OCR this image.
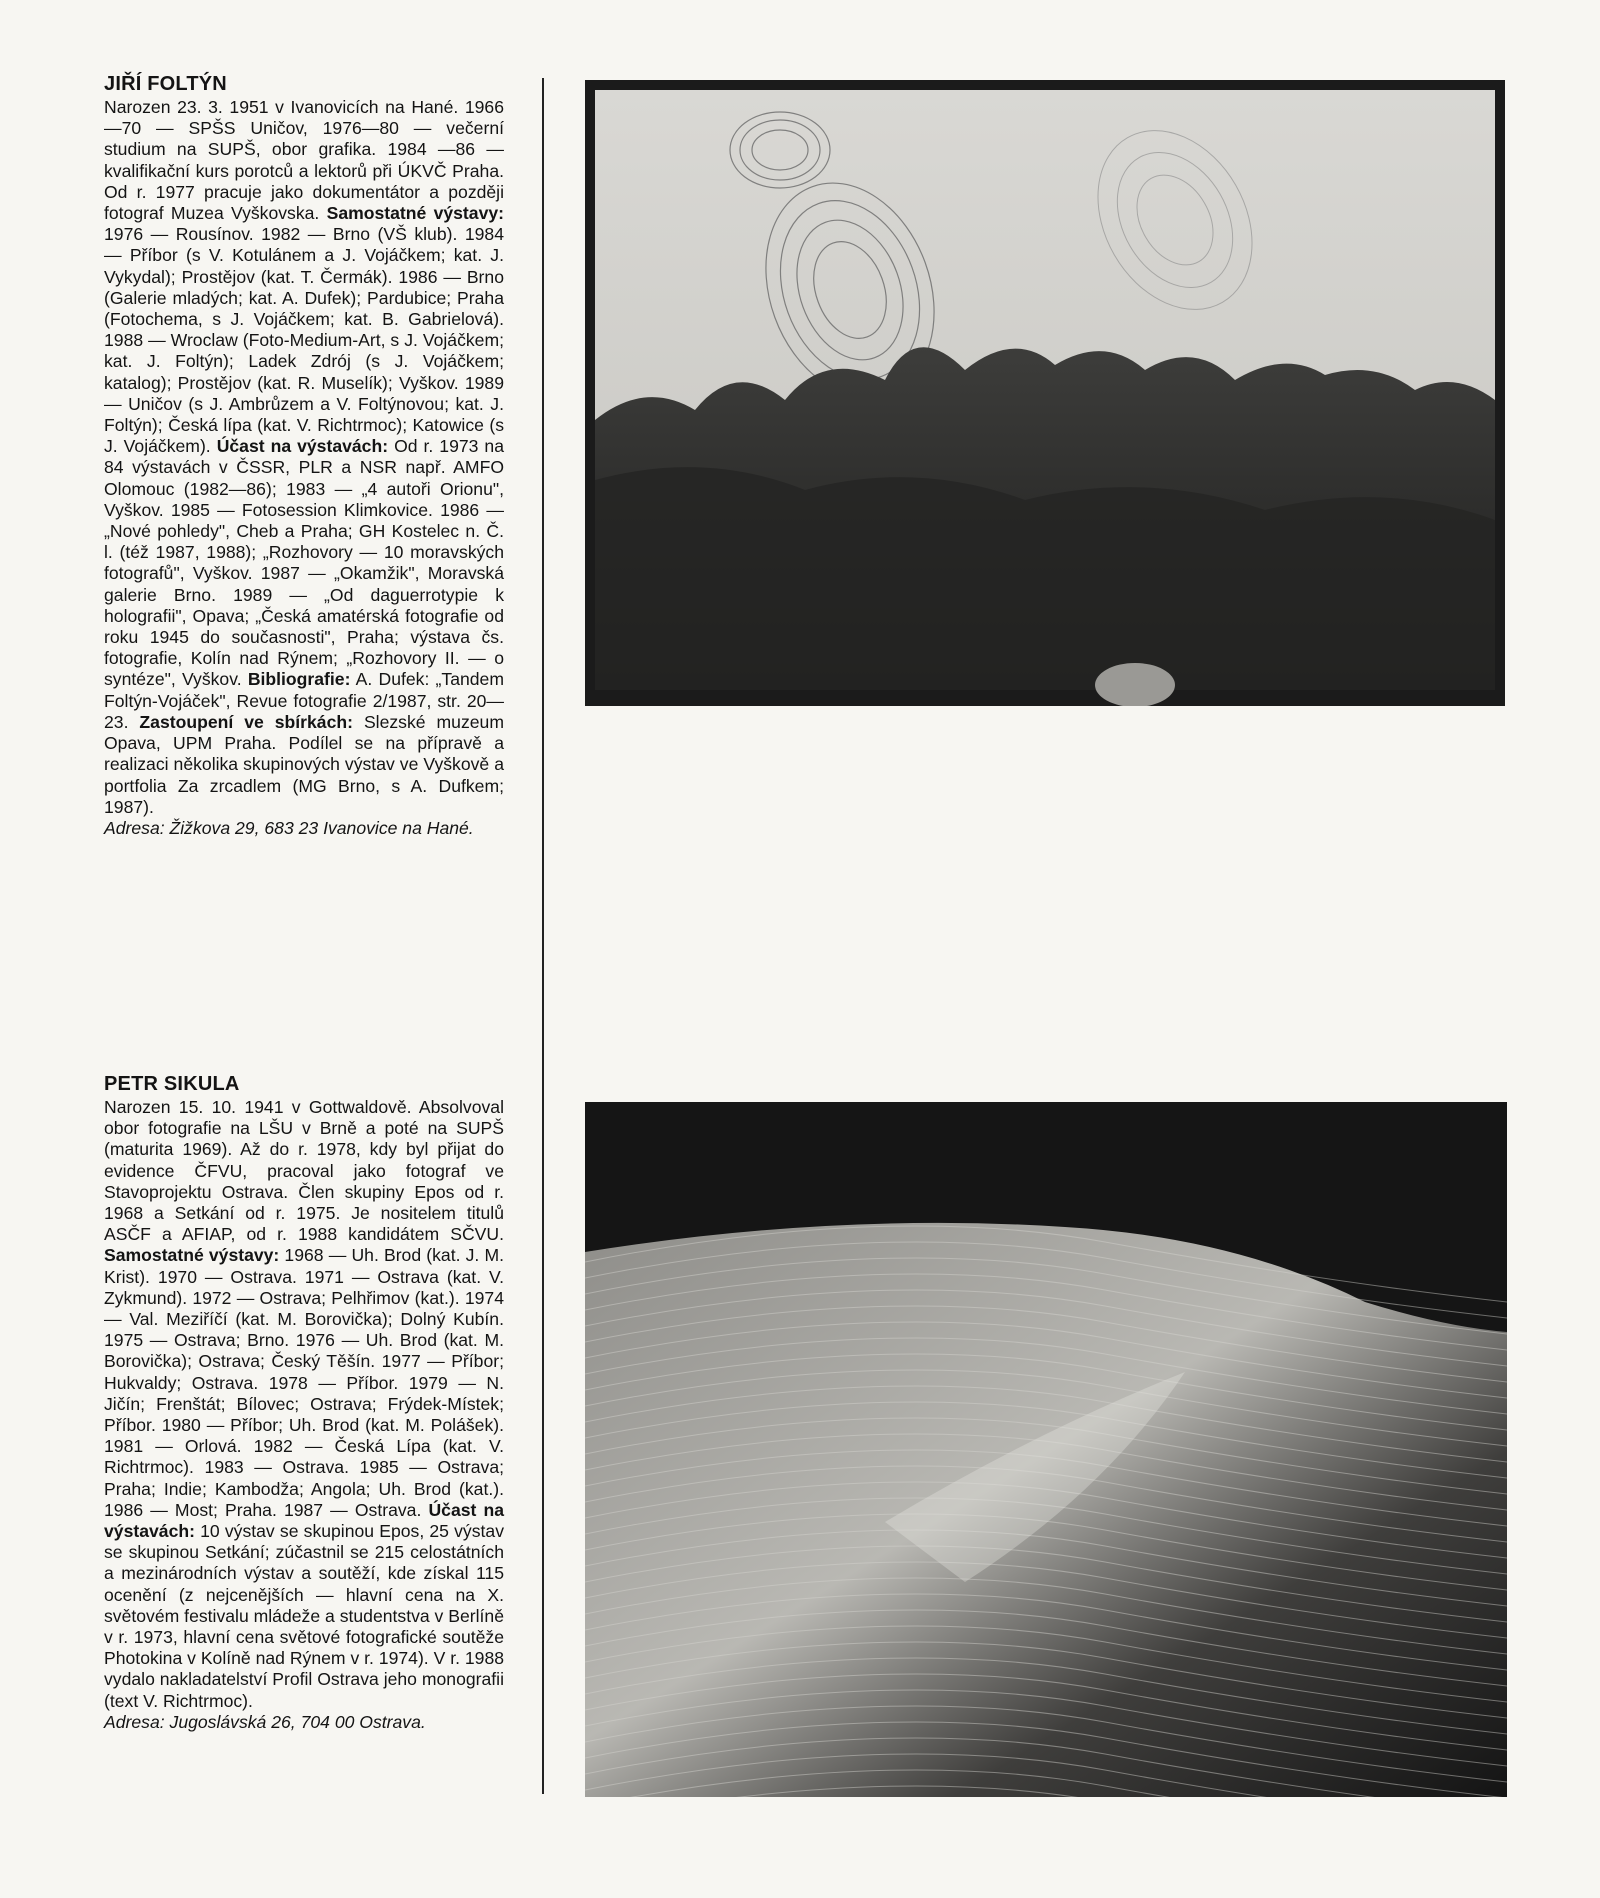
JIŘÍ FOLTÝN

Narozen 23. 3. 1951 v Ivanovicích na Hané. 1966—70 — SPŠS Uničov, 1976—80 — večerní studium na SUPŠ, obor grafika. 1984 —86 — kvalifikační kurs porotců a lektorů při ÚKVČ Praha. Od r. 1977 pracuje jako dokumentátor a později fotograf Muzea Vyškovska. Samostatné výstavy: 1976 — Rousínov. 1982 — Brno (VŠ klub). 1984 — Příbor (s V. Kotulánem a J. Vojáčkem; kat. J. Vykydal); Prostějov (kat. T. Čermák). 1986 — Brno (Galerie mladých; kat. A. Dufek); Pardubice; Praha (Fotochema, s J. Vojáčkem; kat. B. Gabrielová). 1988 — Wroclaw (Foto-Medium-Art, s J. Vojáčkem; kat. J. Foltýn); Ladek Zdrój (s J. Vojáčkem; katalog); Prostějov (kat. R. Muselík); Vyškov. 1989 — Uničov (s J. Ambrůzem a V. Foltýnovou; kat. J. Foltýn); Česká lípa (kat. V. Richtrmoc); Katowice (s J. Vojáčkem). Účast na výstavách: Od r. 1973 na 84 výstavách v ČSSR, PLR a NSR např. AMFO Olomouc (1982—86); 1983 — „4 autoři Orionu", Vyškov. 1985 — Fotosession Klimkovice. 1986 — „Nové pohledy", Cheb a Praha; GH Kostelec n. Č. l. (též 1987, 1988); „Rozhovory — 10 moravských fotografů", Vyškov. 1987 — „Okamžik", Moravská galerie Brno. 1989 — „Od daguerrotypie k holografii", Opava; „Česká amatérská fotografie od roku 1945 do současnosti", Praha; výstava čs. fotografie, Kolín nad Rýnem; „Rozhovory II. — o syntéze", Vyškov. Bibliografie: A. Dufek: „Tandem Foltýn-Vojáček", Revue fotografie 2/1987, str. 20—23. Zastoupení ve sbírkách: Slezské muzeum Opava, UPM Praha. Podílel se na přípravě a realizaci několika skupinových výstav ve Vyškově a portfolia Za zrcadlem (MG Brno, s A. Dufkem; 1987).

Adresa: Žižkova 29, 683 23 Ivanovice na Hané.

PETR SIKULA

Narozen 15. 10. 1941 v Gottwaldově. Absolvoval obor fotografie na LŠU v Brně a poté na SUPŠ (maturita 1969). Až do r. 1978, kdy byl přijat do evidence ČFVU, pracoval jako fotograf ve Stavoprojektu Ostrava. Člen skupiny Epos od r. 1968 a Setkání od r. 1975. Je nositelem titulů ASČF a AFIAP, od r. 1988 kandidátem SČVU. Samostatné výstavy: 1968 — Uh. Brod (kat. J. M. Krist). 1970 — Ostrava. 1971 — Ostrava (kat. V. Zykmund). 1972 — Ostrava; Pelhřimov (kat.). 1974 — Val. Meziříčí (kat. M. Borovička); Dolný Kubín. 1975 — Ostrava; Brno. 1976 — Uh. Brod (kat. M. Borovička); Ostrava; Český Těšín. 1977 — Příbor; Hukvaldy; Ostrava. 1978 — Příbor. 1979 — N. Jičín; Frenštát; Bílovec; Ostrava; Frýdek-Místek; Příbor. 1980 — Příbor; Uh. Brod (kat. M. Polášek). 1981 — Orlová. 1982 — Česká Lípa (kat. V. Richtrmoc). 1983 — Ostrava. 1985 — Ostrava; Praha; Indie; Kambodža; Angola; Uh. Brod (kat.). 1986 — Most; Praha. 1987 — Ostrava. Účast na výstavách: 10 výstav se skupinou Epos, 25 výstav se skupinou Setkání; zúčastnil se 215 celostátních a mezinárodních výstav a soutěží, kde získal 115 ocenění (z nejcenějších — hlavní cena na X. světovém festivalu mládeže a studentstva v Berlíně v r. 1973, hlavní cena světové fotografické soutěže Photokina v Kolíně nad Rýnem v r. 1974). V r. 1988 vydalo nakladatelství Profil Ostrava jeho monografii (text V. Richtrmoc).

Adresa: Jugoslávská 26, 704 00 Ostrava.
